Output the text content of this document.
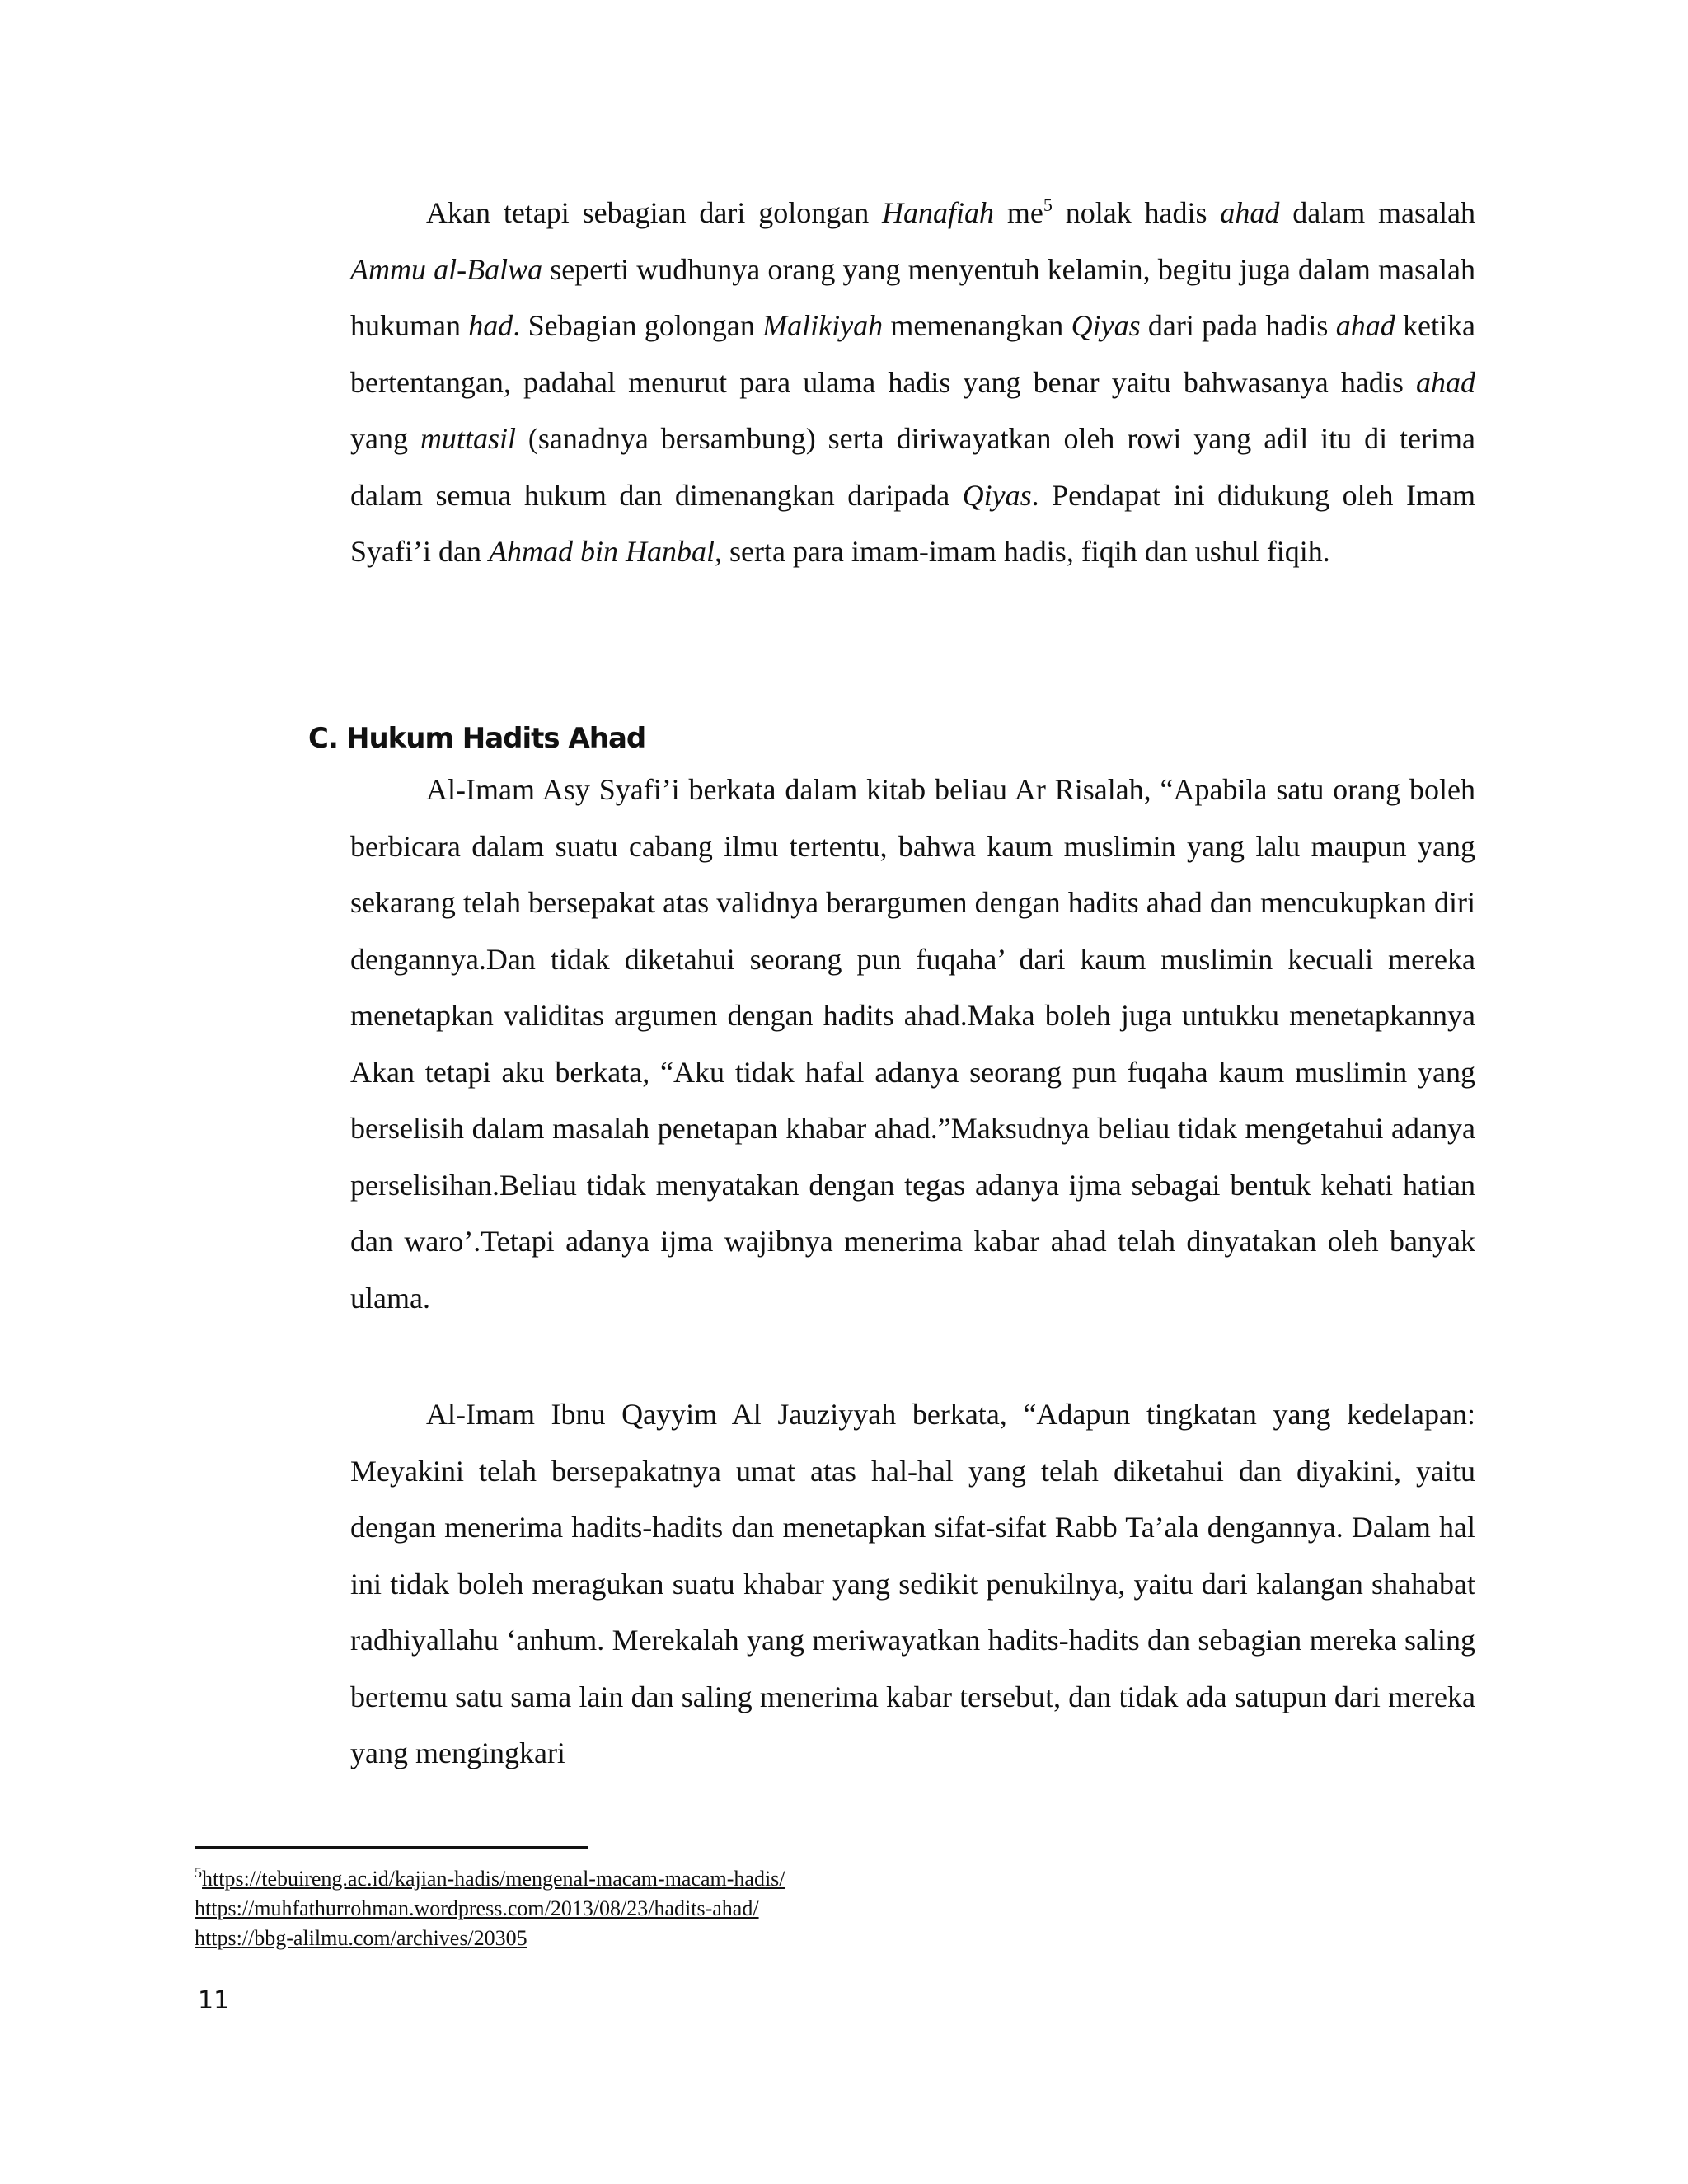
Akan tetapi sebagian dari golongan Hanafiah me$^5$ nolak hadis ahad dalam masalah Ammu al-Balwa seperti wudhunya orang yang menyentuh kelamin, begitu juga dalam masalah hukuman had. Sebagian golongan Malikiyah memenangkan Qiyas dari pada hadis ahad ketika bertentangan, padahal menurut para ulama hadis yang benar yaitu bahwasanya hadis ahad yang muttasil (sanadnya bersambung) serta diriwayatkan oleh rowi yang adil itu di terima dalam semua hukum dan dimenangkan daripada Qiyas. Pendapat ini didukung oleh Imam Syafi’i dan Ahmad bin Hanbal, serta para imam-imam hadis, fiqih dan ushul fiqih.

C. Hukum Hadits Ahad

Al-Imam Asy Syafi’i berkata dalam kitab beliau Ar Risalah, “Apabila satu orang boleh berbicara dalam suatu cabang ilmu tertentu, bahwa kaum muslimin yang lalu maupun yang sekarang telah bersepakat atas validnya berargumen dengan hadits ahad dan mencukupkan diri dengannya.Dan tidak diketahui seorang pun fuqaha’ dari kaum muslimin kecuali mereka menetapkan validitas argumen dengan hadits ahad.Maka boleh juga untukku menetapkannya Akan tetapi aku berkata, “Aku tidak hafal adanya seorang pun fuqaha kaum muslimin yang berselisih dalam masalah penetapan khabar ahad.”Maksudnya beliau tidak mengetahui adanya perselisihan.Beliau tidak menyatakan dengan tegas adanya ijma sebagai bentuk kehati hatian dan waro’.Tetapi adanya ijma wajibnya menerima kabar ahad telah dinyatakan oleh banyak ulama.

Al-Imam Ibnu Qayyim Al Jauziyyah berkata, “Adapun tingkatan yang kedelapan: Meyakini telah bersepakatnya umat atas hal-hal yang telah diketahui dan diyakini, yaitu dengan menerima hadits-hadits dan menetapkan sifat-sifat Rabb Ta’ala dengannya. Dalam hal ini tidak boleh meragukan suatu khabar yang sedikit penukilnya, yaitu dari kalangan shahabat radhiyallahu ‘anhum. Merekalah yang meriwayatkan hadits-hadits dan sebagian mereka saling bertemu satu sama lain dan saling menerima kabar tersebut, dan tidak ada satupun dari mereka yang mengingkari

$^5$https://tebuireng.ac.id/kajian-hadis/mengenal-macam-macam-hadis/
https://muhfathurrohman.wordpress.com/2013/08/23/hadits-ahad/
https://bbg-alilmu.com/archives/20305
11
